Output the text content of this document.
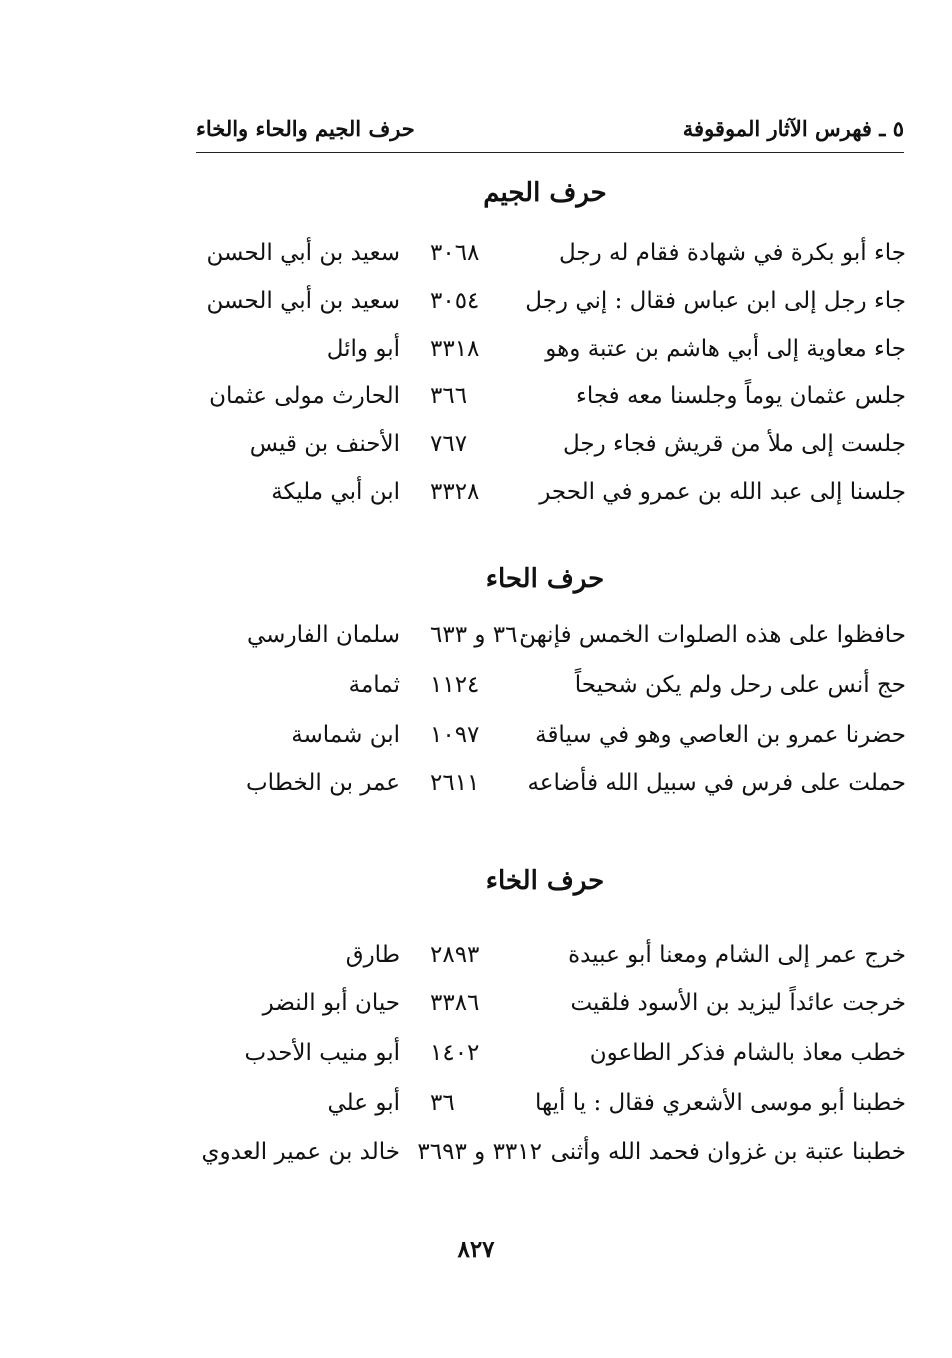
٥ ـ فهرس الآثار الموقوفة
حرف الجيم والحاء والخاء
حرف الجيم
جاء أبو بكرة في شهادة فقام له رجل
٣٠٦٨
سعيد بن أبي الحسن
جاء رجل إلى ابن عباس فقال : إني رجل
٣٠٥٤
سعيد بن أبي الحسن
جاء معاوية إلى أبي هاشم بن عتبة وهو
٣٣١٨
أبو وائل
جلس عثمان يوماً وجلسنا معه فجاء
٣٦٦
الحارث مولى عثمان
جلست إلى ملأ من قريش فجاء رجل
٧٦٧
الأحنف بن قيس
جلسنا إلى عبد الله بن عمرو في الحجر
٣٣٢٨
ابن أبي مليكة
حرف الحاء
حافظوا على هذه الصلوات الخمس فإنهن
٣٦٠ و ٦٣٣
سلمان الفارسي
حج أنس على رحل ولم يكن شحيحاً
١١٢٤
ثمامة
حضرنا عمرو بن العاصي وهو في سياقة
١٠٩٧
ابن شماسة
حملت على فرس في سبيل الله فأضاعه
٢٦١١
عمر بن الخطاب
حرف الخاء
خرج عمر إلى الشام ومعنا أبو عبيدة
٢٨٩٣
طارق
خرجت عائداً ليزيد بن الأسود فلقيت
٣٣٨٦
حيان أبو النضر
خطب معاذ بالشام فذكر الطاعون
١٤٠٢
أبو منيب الأحدب
خطبنا أبو موسى الأشعري فقال : يا أيها
٣٦
أبو علي
خطبنا عتبة بن غزوان فحمد الله وأثنى
٣٣١٢ و ٣٦٩٣
خالد بن عمير العدوي
٨٢٧
